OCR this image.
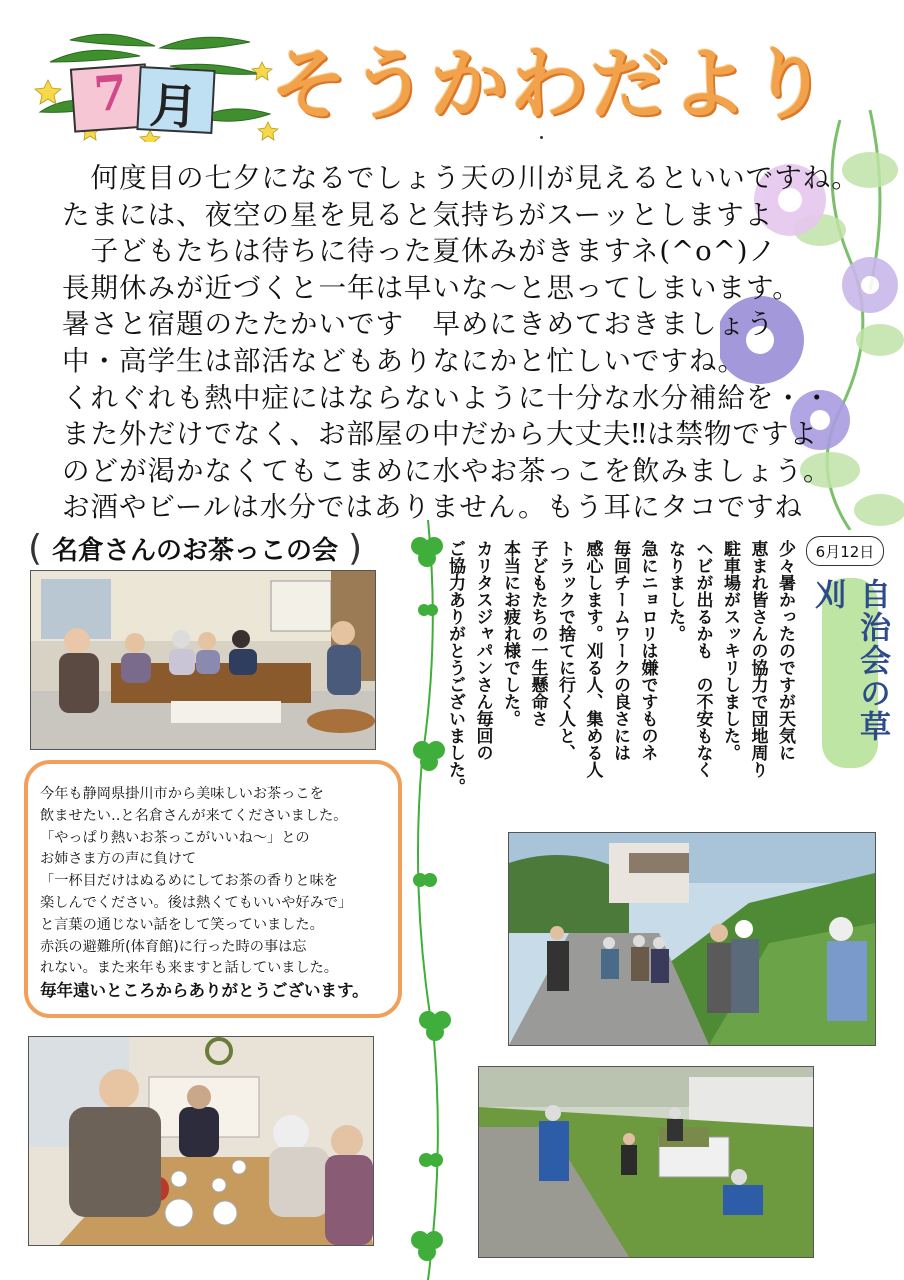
7 月 そうかわだより
　何度目の七夕になるでしょう天の川が見えるといいですね。
たまには、夜空の星を見ると気持ちがスーッとしますよ
　子どもたちは待ちに待った夏休みがきますネ(^o^)ノ
長期休みが近づくと一年は早いな～と思ってしまいます。
暑さと宿題のたたかいです　早めにきめておきましょう
中・高学生は部活などもありなにかと忙しいですね。
くれぐれも熱中症にはならないように十分な水分補給を・・
また外だけでなく、お部屋の中だから大丈夫‼は禁物ですよ
のどが渇かなくてもこまめに水やお茶っこを飲みましょう。
お酒やビールは水分ではありません。もう耳にタコですね
( 名倉さんのお茶っこの会 )
今年も静岡県掛川市から美味しいお茶っこを
飲ませたい‥と名倉さんが来てくださいました。
「やっぱり熱いお茶っこがいいね～」との
お姉さま方の声に負けて
「一杯目だけはぬるめにしてお茶の香りと味を
楽しんでください。後は熱くてもいいや好みで」
と言葉の通じない話をして笑っていました。
赤浜の避難所(体育館)に行った時の事は忘
れない。また来年も来ますと話していました。
毎年遠いところからありがとうございます。
6月12日
自治会の草刈
少々暑かったのですが天気に
恵まれ皆さんの協力で団地周り
駐車場がスッキリしました。
ヘビが出るかも　の不安もなく
なりました。
急にニョロリは嫌ですものネ
毎回チームワークの良さには
感心します。刈る人、集める人
トラックで捨てに行く人と、
子どもたちの一生懸命さ
本当にお疲れ様でした。
カリタスジャパンさん毎回の
ご協力ありがとうございました。
